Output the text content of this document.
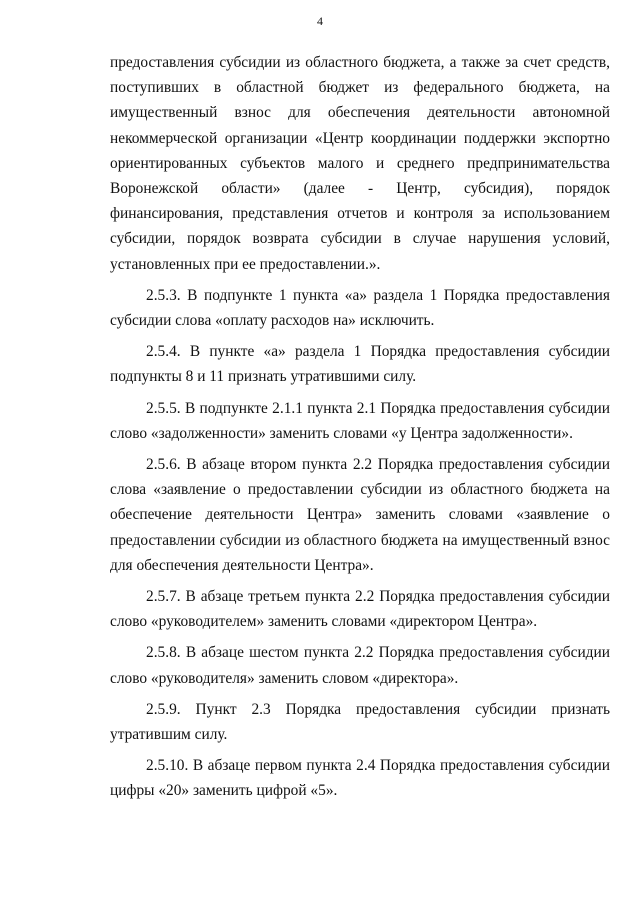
4

предоставления субсидии из областного бюджета, а также за счет средств, поступивших в областной бюджет из федерального бюджета, на имущественный взнос для обеспечения деятельности автономной некоммерческой организации «Центр координации поддержки экспортно ориентированных субъектов малого и среднего предпринимательства Воронежской области» (далее - Центр, субсидия), порядок финансирования, представления отчетов и контроля за использованием субсидии, порядок возврата субсидии в случае нарушения условий, установленных при ее предоставлении.».

2.5.3. В подпункте 1 пункта «а» раздела 1 Порядка предоставления субсидии слова «оплату расходов на» исключить.

2.5.4. В пункте «а» раздела 1 Порядка предоставления субсидии подпункты 8 и 11 признать утратившими силу.

2.5.5. В подпункте 2.1.1 пункта 2.1 Порядка предоставления субсидии слово «задолженности» заменить словами «у Центра задолженности».

2.5.6. В абзаце втором пункта 2.2 Порядка предоставления субсидии слова «заявление о предоставлении субсидии из областного бюджета на обеспечение деятельности Центра» заменить словами «заявление о предоставлении субсидии из областного бюджета на имущественный взнос для обеспечения деятельности Центра».

2.5.7. В абзаце третьем пункта 2.2 Порядка предоставления субсидии слово «руководителем» заменить словами «директором Центра».

2.5.8. В абзаце шестом пункта 2.2 Порядка предоставления субсидии слово «руководителя» заменить словом «директора».

2.5.9. Пункт 2.3 Порядка предоставления субсидии признать утратившим силу.

2.5.10. В абзаце первом пункта 2.4 Порядка предоставления субсидии цифры «20» заменить цифрой «5».
